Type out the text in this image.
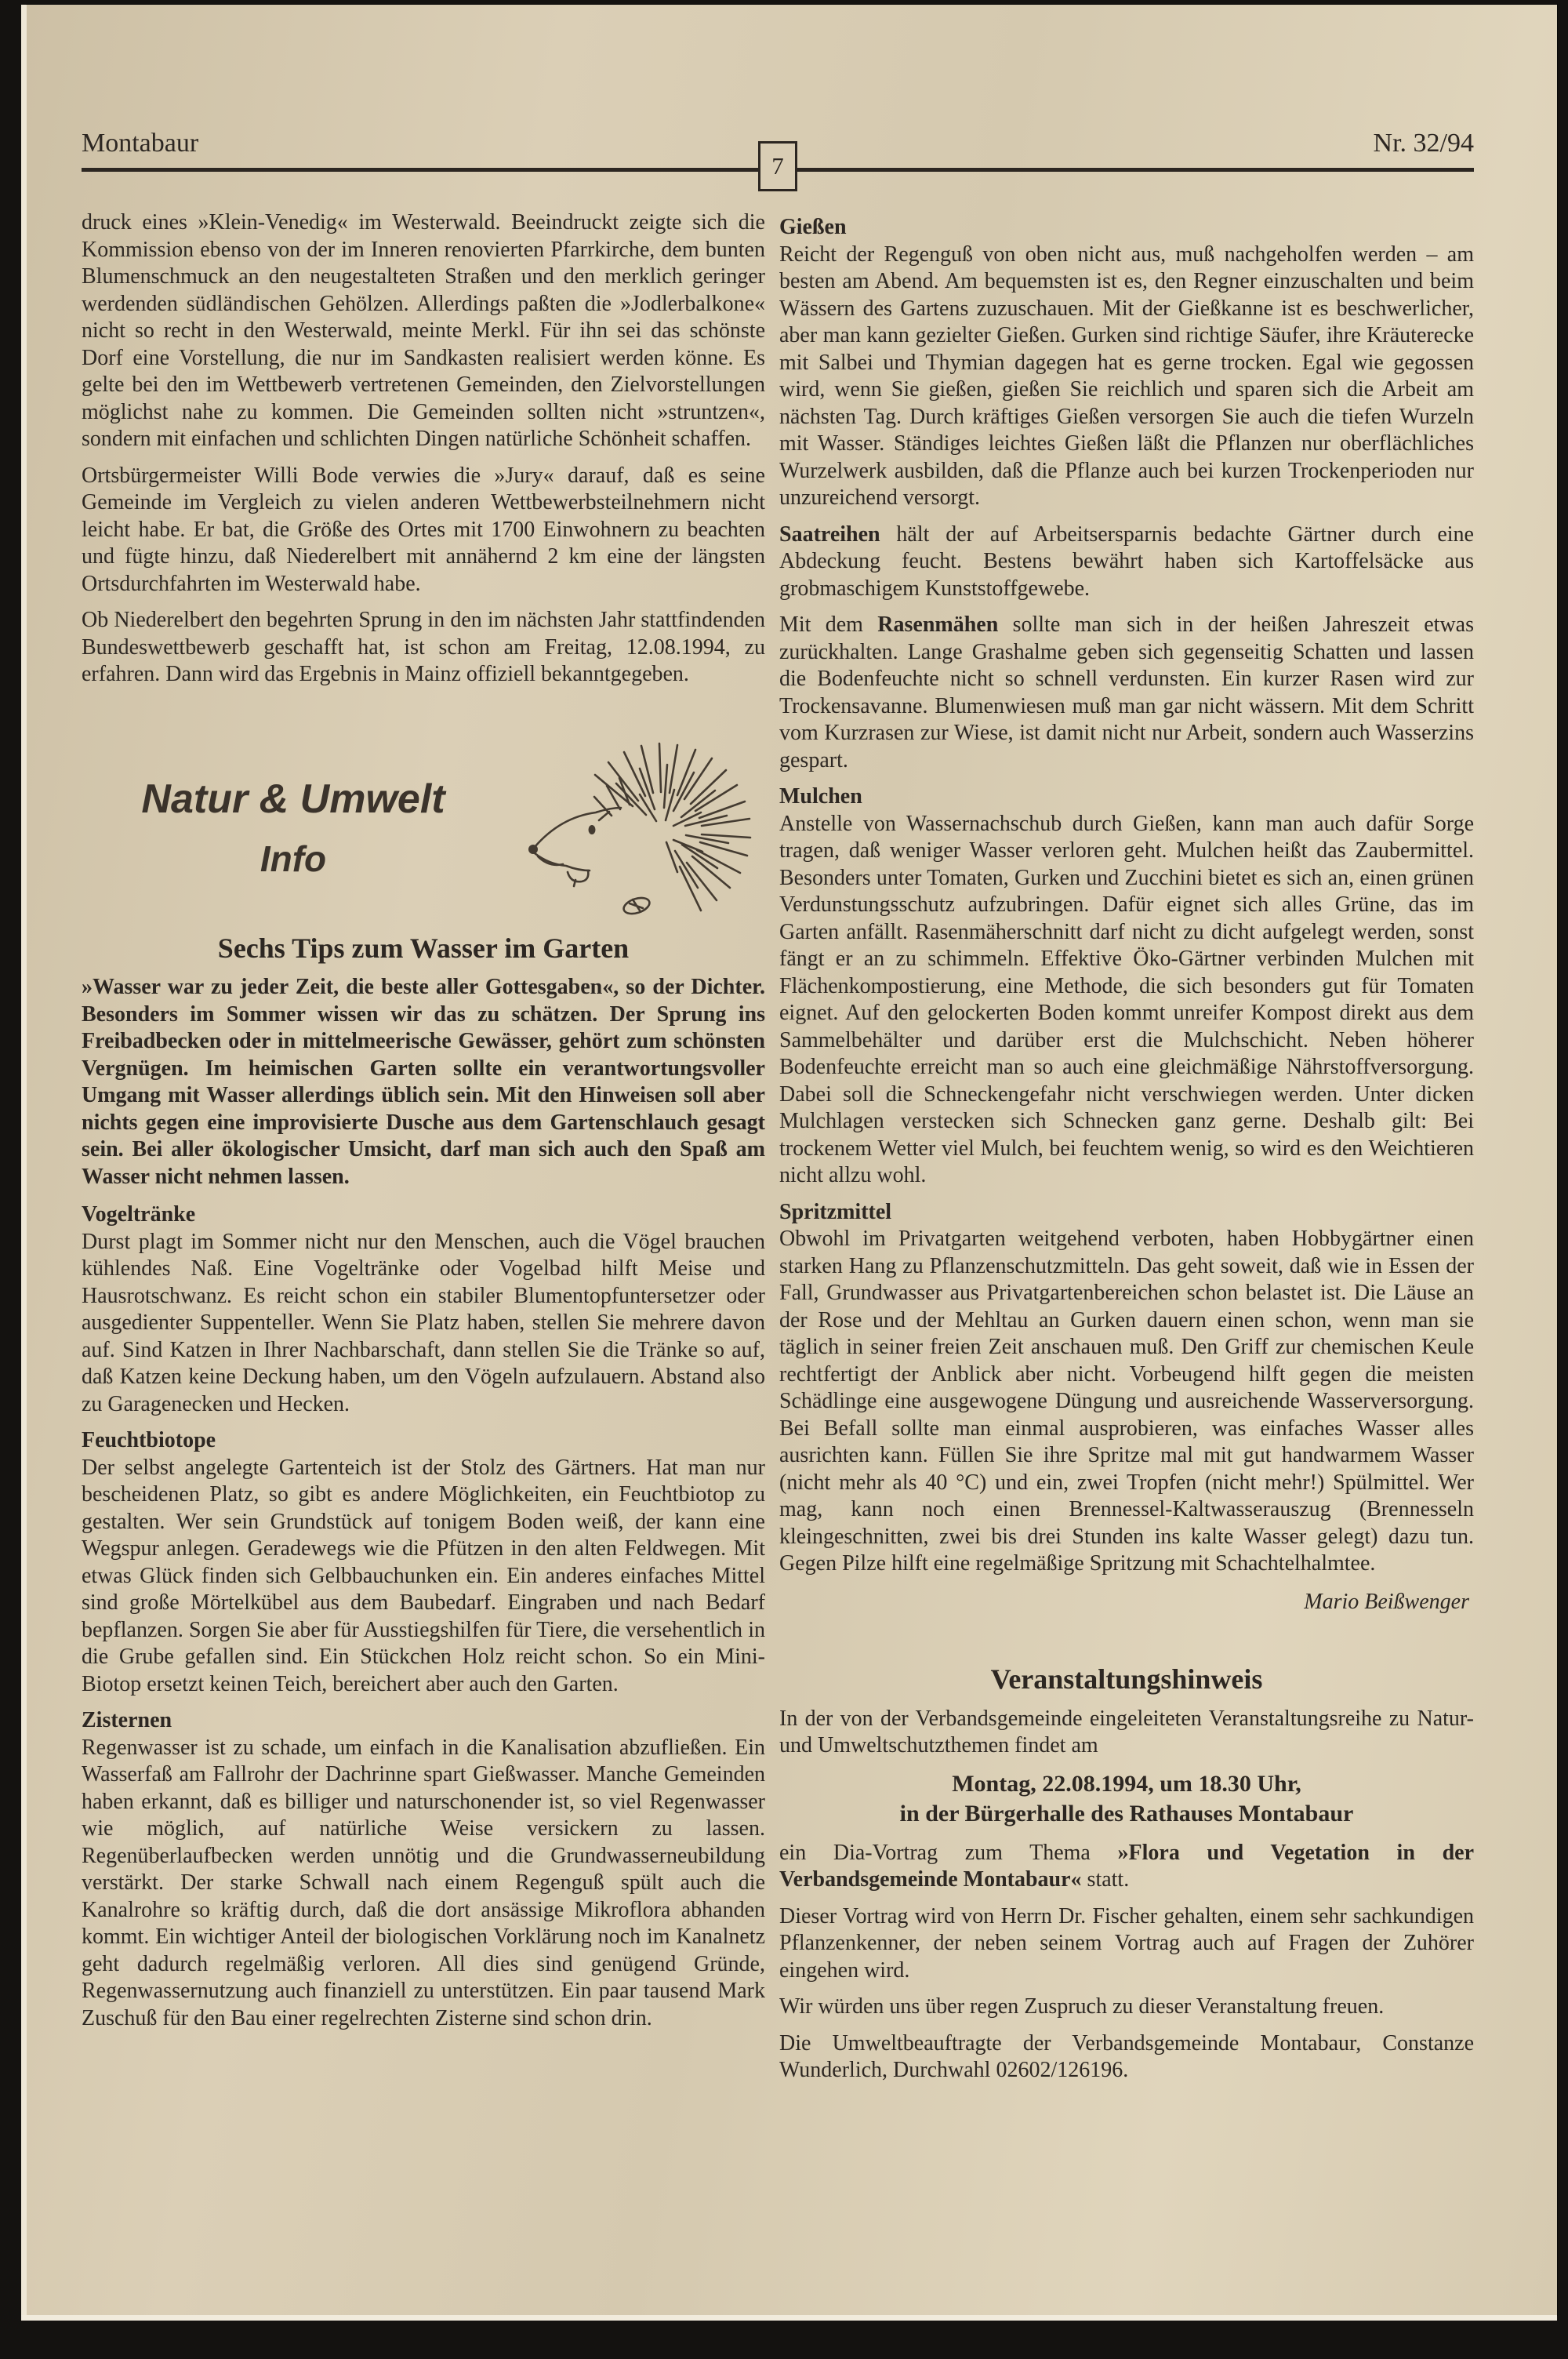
Montabaur	Nr. 32/94
7

druck eines »Klein-Venedig« im Westerwald. Beeindruckt zeigte sich die Kommission ebenso von der im Inneren renovierten Pfarrkirche, dem bunten Blumenschmuck an den neugestalteten Straßen und den merklich geringer werdenden südländischen Gehölzen. Allerdings paßten die »Jodlerbalkone« nicht so recht in den Westerwald, meinte Merkl. Für ihn sei das schönste Dorf eine Vorstellung, die nur im Sandkasten realisiert werden könne. Es gelte bei den im Wettbewerb vertretenen Gemeinden, den Zielvorstellungen möglichst nahe zu kommen. Die Gemeinden sollten nicht »struntzen«, sondern mit einfachen und schlichten Dingen natürliche Schönheit schaffen.

Ortsbürgermeister Willi Bode verwies die »Jury« darauf, daß es seine Gemeinde im Vergleich zu vielen anderen Wettbewerbsteilnehmern nicht leicht habe. Er bat, die Größe des Ortes mit 1700 Einwohnern zu beachten und fügte hinzu, daß Niederelbert mit annähernd 2 km eine der längsten Ortsdurchfahrten im Westerwald habe.

Ob Niederelbert den begehrten Sprung in den im nächsten Jahr stattfindenden Bundeswettbewerb geschafft hat, ist schon am Freitag, 12.08.1994, zu erfahren. Dann wird das Ergebnis in Mainz offiziell bekanntgegeben.

Natur & Umwelt
Info
Sechs Tips zum Wasser im Garten

»Wasser war zu jeder Zeit, die beste aller Gottesgaben«, so der Dichter. Besonders im Sommer wissen wir das zu schätzen. Der Sprung ins Freibadbecken oder in mittelmeerische Gewässer, gehört zum schönsten Vergnügen. Im heimischen Garten sollte ein verantwortungsvoller Umgang mit Wasser allerdings üblich sein. Mit den Hinweisen soll aber nichts gegen eine improvisierte Dusche aus dem Gartenschlauch gesagt sein. Bei aller ökologischer Umsicht, darf man sich auch den Spaß am Wasser nicht nehmen lassen.

Vogeltränke

Durst plagt im Sommer nicht nur den Menschen, auch die Vögel brauchen kühlendes Naß. Eine Vogeltränke oder Vogelbad hilft Meise und Hausrotschwanz. Es reicht schon ein stabiler Blumentopfuntersetzer oder ausgedienter Suppenteller. Wenn Sie Platz haben, stellen Sie mehrere davon auf. Sind Katzen in Ihrer Nachbarschaft, dann stellen Sie die Tränke so auf, daß Katzen keine Deckung haben, um den Vögeln aufzulauern. Abstand also zu Garagenecken und Hecken.

Feuchtbiotope

Der selbst angelegte Gartenteich ist der Stolz des Gärtners. Hat man nur bescheidenen Platz, so gibt es andere Möglichkeiten, ein Feuchtbiotop zu gestalten. Wer sein Grundstück auf tonigem Boden weiß, der kann eine Wegspur anlegen. Geradewegs wie die Pfützen in den alten Feldwegen. Mit etwas Glück finden sich Gelbbauchunken ein. Ein anderes einfaches Mittel sind große Mörtelkübel aus dem Baubedarf. Eingraben und nach Bedarf bepflanzen. Sorgen Sie aber für Ausstiegshilfen für Tiere, die versehentlich in die Grube gefallen sind. Ein Stückchen Holz reicht schon. So ein Mini-Biotop ersetzt keinen Teich, bereichert aber auch den Garten.

Zisternen

Regenwasser ist zu schade, um einfach in die Kanalisation abzufließen. Ein Wasserfaß am Fallrohr der Dachrinne spart Gießwasser. Manche Gemeinden haben erkannt, daß es billiger und naturschonender ist, so viel Regenwasser wie möglich, auf natürliche Weise versickern zu lassen. Regenüberlaufbecken werden unnötig und die Grundwasserneubildung verstärkt. Der starke Schwall nach einem Regenguß spült auch die Kanalrohre so kräftig durch, daß die dort ansässige Mikroflora abhanden kommt. Ein wichtiger Anteil der biologischen Vorklärung noch im Kanalnetz geht dadurch regelmäßig verloren. All dies sind genügend Gründe, Regenwassernutzung auch finanziell zu unterstützen. Ein paar tausend Mark Zuschuß für den Bau einer regelrechten Zisterne sind schon drin.

Gießen

Reicht der Regenguß von oben nicht aus, muß nachgeholfen werden – am besten am Abend. Am bequemsten ist es, den Regner einzuschalten und beim Wässern des Gartens zuzuschauen. Mit der Gießkanne ist es beschwerlicher, aber man kann gezielter Gießen. Gurken sind richtige Säufer, ihre Kräuterecke mit Salbei und Thymian dagegen hat es gerne trocken. Egal wie gegossen wird, wenn Sie gießen, gießen Sie reichlich und sparen sich die Arbeit am nächsten Tag. Durch kräftiges Gießen versorgen Sie auch die tiefen Wurzeln mit Wasser. Ständiges leichtes Gießen läßt die Pflanzen nur oberflächliches Wurzelwerk ausbilden, daß die Pflanze auch bei kurzen Trockenperioden nur unzureichend versorgt.

Saatreihen hält der auf Arbeitsersparnis bedachte Gärtner durch eine Abdeckung feucht. Bestens bewährt haben sich Kartoffelsäcke aus grobmaschigem Kunststoffgewebe.

Mit dem Rasenmähen sollte man sich in der heißen Jahreszeit etwas zurückhalten. Lange Grashalme geben sich gegenseitig Schatten und lassen die Bodenfeuchte nicht so schnell verdunsten. Ein kurzer Rasen wird zur Trockensavanne. Blumenwiesen muß man gar nicht wässern. Mit dem Schritt vom Kurzrasen zur Wiese, ist damit nicht nur Arbeit, sondern auch Wasserzins gespart.

Mulchen

Anstelle von Wassernachschub durch Gießen, kann man auch dafür Sorge tragen, daß weniger Wasser verloren geht. Mulchen heißt das Zaubermittel. Besonders unter Tomaten, Gurken und Zucchini bietet es sich an, einen grünen Verdunstungsschutz aufzubringen. Dafür eignet sich alles Grüne, das im Garten anfällt. Rasenmäherschnitt darf nicht zu dicht aufgelegt werden, sonst fängt er an zu schimmeln. Effektive Öko-Gärtner verbinden Mulchen mit Flächenkompostierung, eine Methode, die sich besonders gut für Tomaten eignet. Auf den gelockerten Boden kommt unreifer Kompost direkt aus dem Sammelbehälter und darüber erst die Mulchschicht. Neben höherer Bodenfeuchte erreicht man so auch eine gleichmäßige Nährstoffversorgung. Dabei soll die Schneckengefahr nicht verschwiegen werden. Unter dicken Mulchlagen verstecken sich Schnecken ganz gerne. Deshalb gilt: Bei trockenem Wetter viel Mulch, bei feuchtem wenig, so wird es den Weichtieren nicht allzu wohl.

Spritzmittel

Obwohl im Privatgarten weitgehend verboten, haben Hobbygärtner einen starken Hang zu Pflanzenschutzmitteln. Das geht soweit, daß wie in Essen der Fall, Grundwasser aus Privatgartenbereichen schon belastet ist. Die Läuse an der Rose und der Mehltau an Gurken dauern einen schon, wenn man sie täglich in seiner freien Zeit anschauen muß. Den Griff zur chemischen Keule rechtfertigt der Anblick aber nicht. Vorbeugend hilft gegen die meisten Schädlinge eine ausgewogene Düngung und ausreichende Wasserversorgung. Bei Befall sollte man einmal ausprobieren, was einfaches Wasser alles ausrichten kann. Füllen Sie ihre Spritze mal mit gut handwarmem Wasser (nicht mehr als 40 °C) und ein, zwei Tropfen (nicht mehr!) Spülmittel. Wer mag, kann noch einen Brennessel-Kaltwasserauszug (Brennesseln kleingeschnitten, zwei bis drei Stunden ins kalte Wasser gelegt) dazu tun. Gegen Pilze hilft eine regelmäßige Spritzung mit Schachtelhalmtee.

Mario Beißwenger
Veranstaltungshinweis

In der von der Verbandsgemeinde eingeleiteten Veranstaltungsreihe zu Natur- und Umweltschutzthemen findet am

Montag, 22.08.1994, um 18.30 Uhr,
in der Bürgerhalle des Rathauses Montabaur

ein Dia-Vortrag zum Thema »Flora und Vegetation in der Verbandsgemeinde Montabaur« statt.

Dieser Vortrag wird von Herrn Dr. Fischer gehalten, einem sehr sachkundigen Pflanzenkenner, der neben seinem Vortrag auch auf Fragen der Zuhörer eingehen wird.

Wir würden uns über regen Zuspruch zu dieser Veranstaltung freuen.

Die Umweltbeauftragte der Verbandsgemeinde Montabaur, Constanze Wunderlich, Durchwahl 02602/126196.
